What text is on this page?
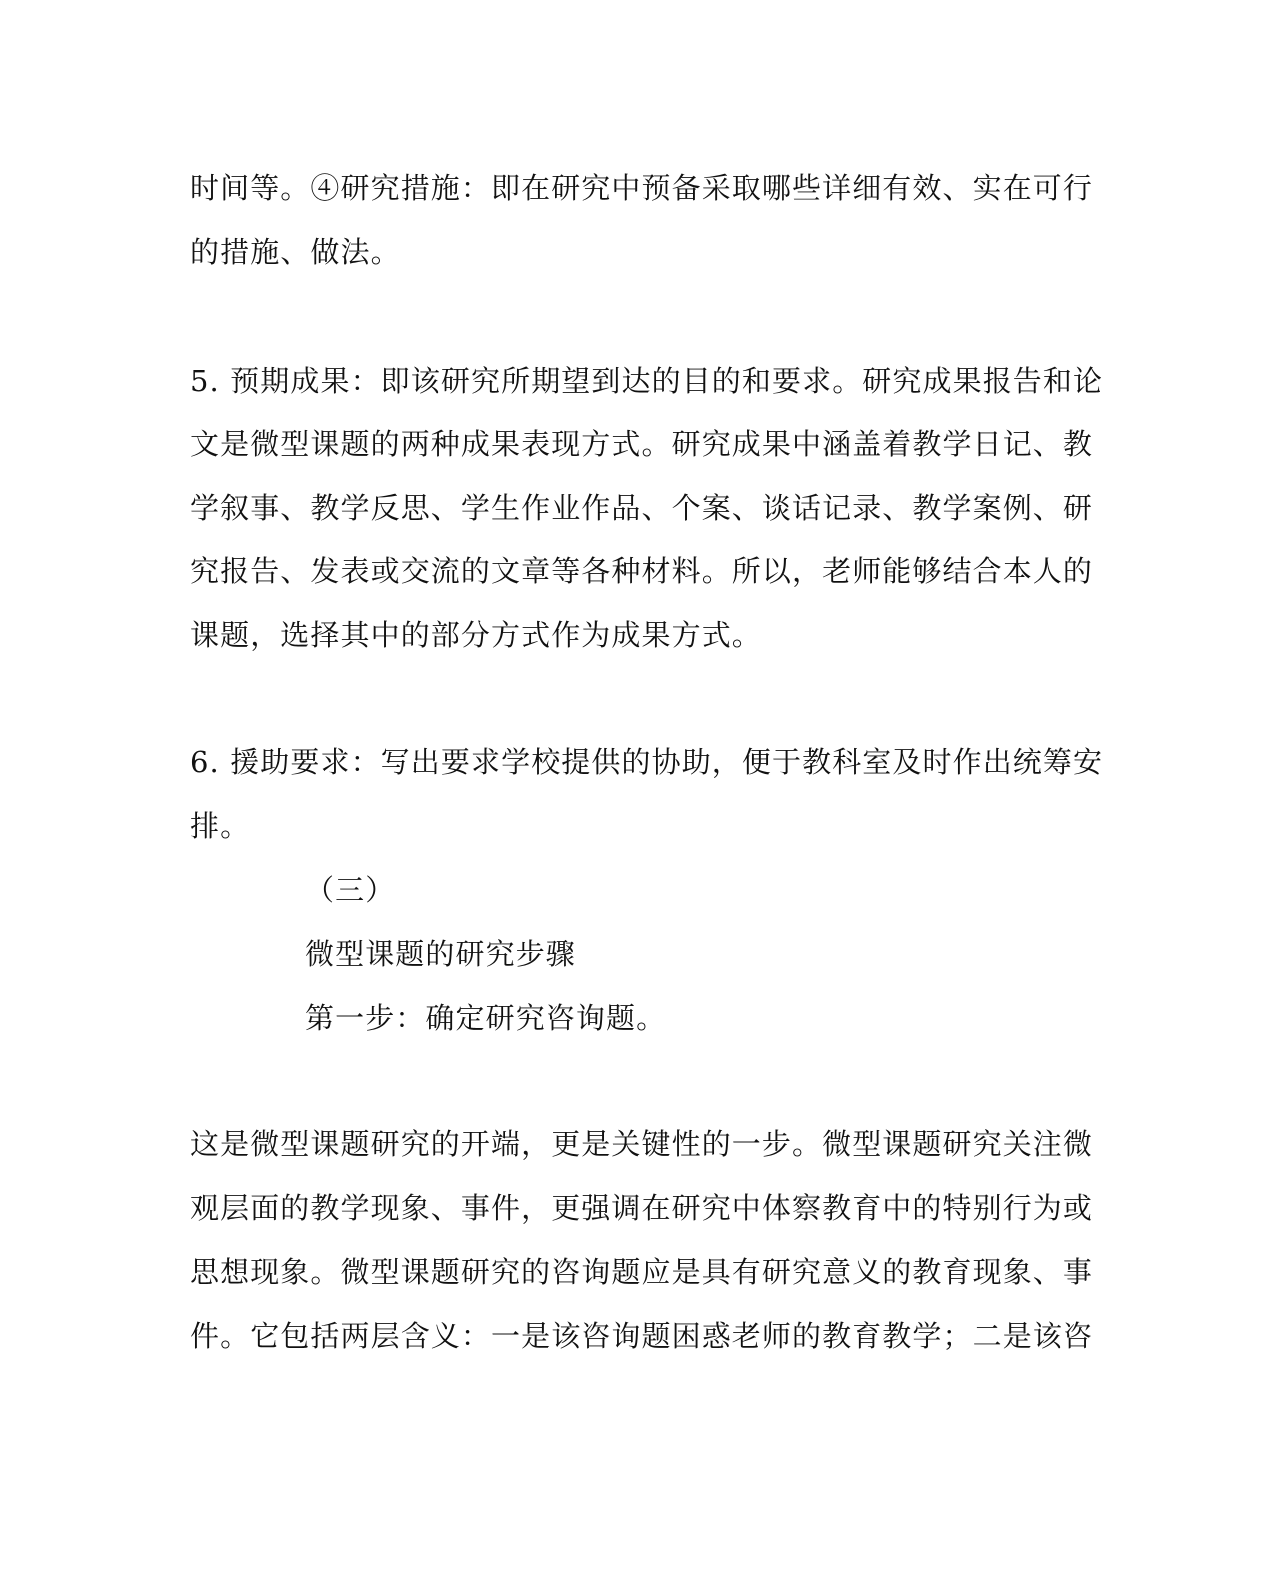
时间等。④研究措施：即在研究中预备采取哪些详细有效、实在可行
的措施、做法。
5. 预期成果：即该研究所期望到达的目的和要求。研究成果报告和论
文是微型课题的两种成果表现方式。研究成果中涵盖着教学日记、教
学叙事、教学反思、学生作业作品、个案、谈话记录、教学案例、研
究报告、发表或交流的文章等各种材料。所以，老师能够结合本人的
课题，选择其中的部分方式作为成果方式。
6. 援助要求：写出要求学校提供的协助，便于教科室及时作出统筹安
排。
（三）
微型课题的研究步骤
第一步：确定研究咨询题。
这是微型课题研究的开端，更是关键性的一步。微型课题研究关注微
观层面的教学现象、事件，更强调在研究中体察教育中的特别行为或
思想现象。微型课题研究的咨询题应是具有研究意义的教育现象、事
件。它包括两层含义：一是该咨询题困惑老师的教育教学；二是该咨
